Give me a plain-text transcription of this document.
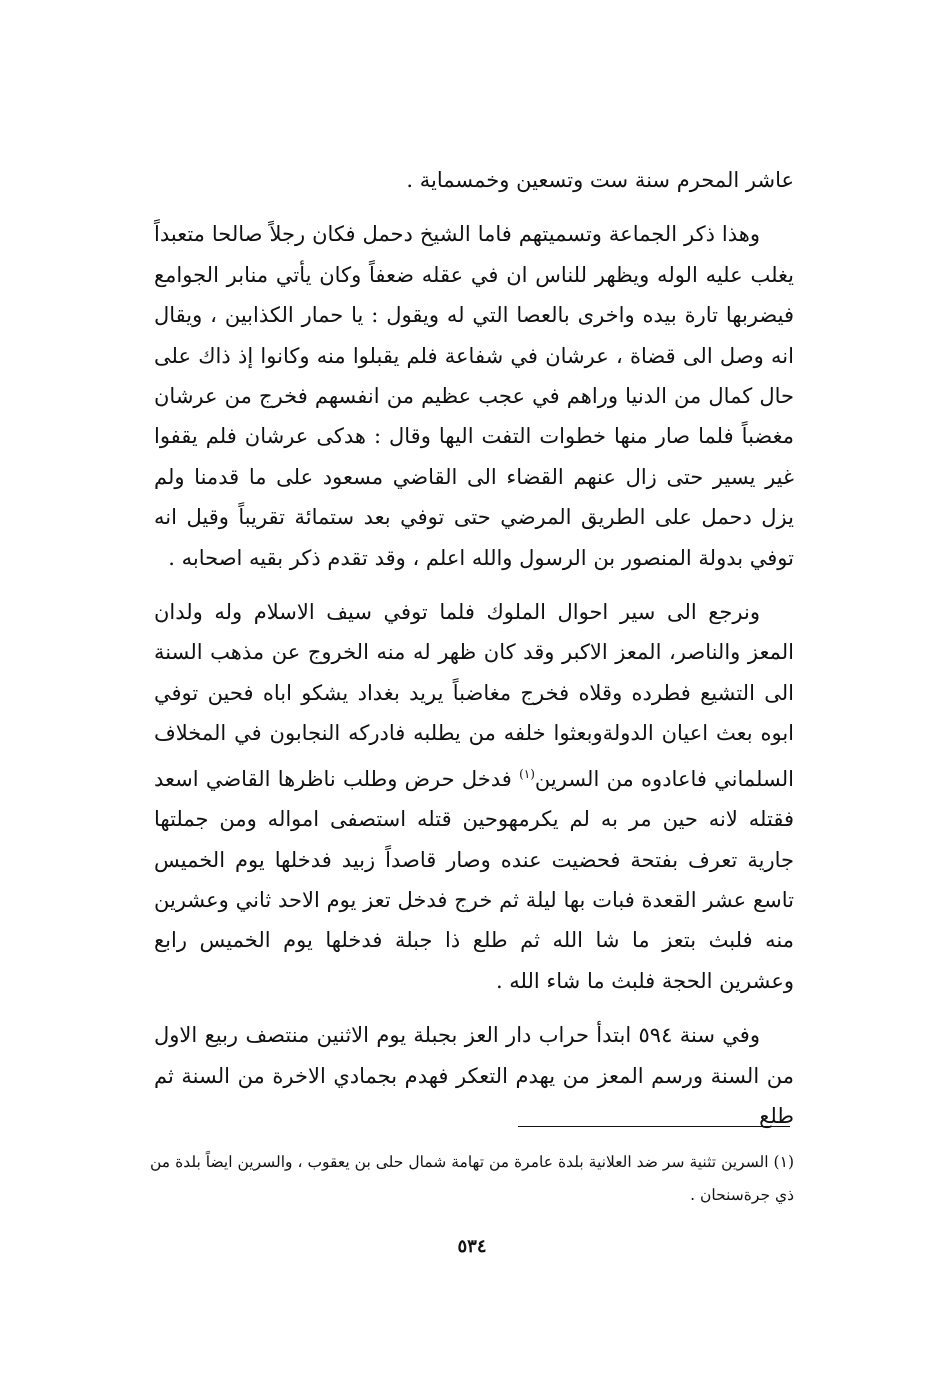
عاشر المحرم سنة ست وتسعين وخمسماية .

وهذا ذكر الجماعة وتسميتهم فاما الشيخ دحمل فكان رجلاً صالحا متعبداً يغلب عليه الوله ويظهر للناس ان في عقله ضعفاً وكان يأتي منابر الجوامع فيضربها تارة بيده واخرى بالعصا التي له ويقول : يا حمار الكذابين ، ويقال انه وصل الى قضاة ، عرشان في شفاعة فلم يقبلوا منه وكانوا إذ ذاك على حال كمال من الدنيا وراهم في عجب عظيم من انفسهم فخرج من عرشان مغضباً فلما صار منها خطوات التفت اليها وقال : هدكى عرشان فلم يقفوا غير يسير حتى زال عنهم القضاء الى القاضي مسعود على ما قدمنا ولم يزل دحمل على الطريق المرضي حتى توفي بعد ستمائة تقريباً وقيل انه توفي بدولة المنصور بن الرسول والله اعلم ، وقد تقدم ذكر بقيه اصحابه .

ونرجع الى سير احوال الملوك فلما توفي سيف الاسلام وله ولدان المعز والناصر، المعز الاكبر وقد كان ظهر له منه الخروج عن مذهب السنة الى التشيع فطرده وقلاه فخرج مغاضباً يريد بغداد يشكو اباه فحين توفي ابوه بعث اعيان الدولةوبعثوا خلفه من يطلبه فادركه النجابون في المخلاف السلماني فاعادوه من السرين$^{(١)}$ فدخل حرض وطلب ناظرها القاضي اسعد فقتله لانه حين مر به لم يكرمهوحين قتله استصفى امواله ومن جملتها جارية تعرف بفتحة فحضيت عنده وصار قاصداً زبيد فدخلها يوم الخميس تاسع عشر القعدة فبات بها ليلة ثم خرج فدخل تعز يوم الاحد ثاني وعشرين منه فلبث بتعز ما شا الله ثم طلع ذا جبلة فدخلها يوم الخميس رابع وعشرين الحجة فلبث ما شاء الله .

وفي سنة ٥٩٤ ابتدأ حراب دار العز بجبلة يوم الاثنين منتصف ربيع الاول من السنة ورسم المعز من يهدم التعكر فهدم بجمادي الاخرة من السنة ثم طلع

(١) السرين تثنية سر ضد العلانية بلدة عامرة من تهامة شمال حلى بن يعقوب ، والسرين ايضاً بلدة من ذي جرةسنحان .

٥٣٤
